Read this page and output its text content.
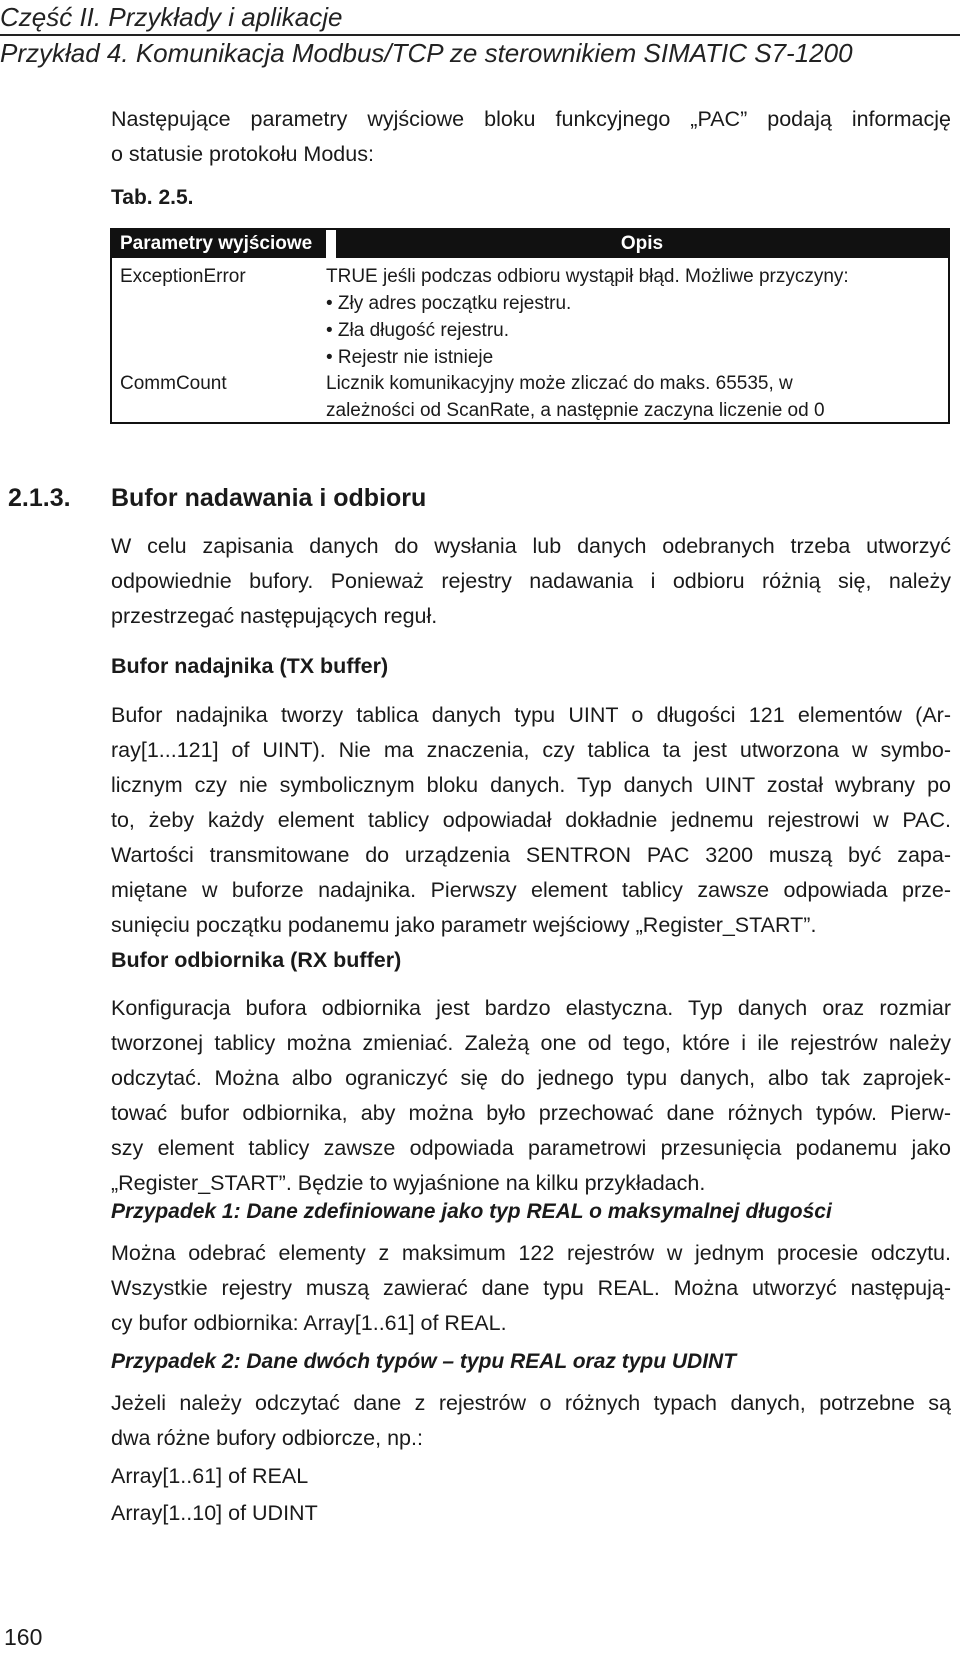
Część II. Przykłady i aplikacje
Przykład 4. Komunikacja Modbus/TCP ze sterownikiem SIMATIC S7-1200
Następujące parametry wyjściowe bloku funkcyjnego „PAC” podają informację
o statusie protokołu Modus:
Tab. 2.5.
Parametry wyjściowe	Opis
ExceptionError	TRUE jeśli podczas odbioru wystąpił błąd. Możliwe przyczyny:
• Zły adres początku rejestru.
• Zła długość rejestru.
• Rejestr nie istnieje
CommCount	Licznik komunikacyjny może zliczać do maks. 65535, w
zależności od ScanRate, a następnie zaczyna liczenie od 0
2.1.3. Bufor nadawania i odbioru
W celu zapisania danych do wysłania lub danych odebranych trzeba utworzyć
odpowiednie bufory. Ponieważ rejestry nadawania i odbioru różnią się, należy
przestrzegać następujących reguł.
Bufor nadajnika (TX buffer)
Bufor nadajnika tworzy tablica danych typu UINT o długości 121 elementów (Ar-
ray[1...121] of UINT). Nie ma znaczenia, czy tablica ta jest utworzona w symbo-
licznym czy nie symbolicznym bloku danych. Typ danych UINT został wybrany po
to, żeby każdy element tablicy odpowiadał dokładnie jednemu rejestrowi w PAC.
Wartości transmitowane do urządzenia SENTRON PAC 3200 muszą być zapa-
miętane w buforze nadajnika. Pierwszy element tablicy zawsze odpowiada prze-
sunięciu początku podanemu jako parametr wejściowy „Register_START”.
Bufor odbiornika (RX buffer)
Konfiguracja bufora odbiornika jest bardzo elastyczna. Typ danych oraz rozmiar
tworzonej tablicy można zmieniać. Zależą one od tego, które i ile rejestrów należy
odczytać. Można albo ograniczyć się do jednego typu danych, albo tak zaprojek-
tować bufor odbiornika, aby można było przechować dane różnych typów. Pierw-
szy element tablicy zawsze odpowiada parametrowi przesunięcia podanemu jako
„Register_START”. Będzie to wyjaśnione na kilku przykładach.
Przypadek 1: Dane zdefiniowane jako typ REAL o maksymalnej długości
Można odebrać elementy z maksimum 122 rejestrów w jednym procesie odczytu.
Wszystkie rejestry muszą zawierać dane typu REAL. Można utworzyć następują-
cy bufor odbiornika: Array[1..61] of REAL.
Przypadek 2: Dane dwóch typów – typu REAL oraz typu UDINT
Jeżeli należy odczytać dane z rejestrów o różnych typach danych, potrzebne są
dwa różne bufory odbiorcze, np.:
Array[1..61] of REAL
Array[1..10] of UDINT
160
